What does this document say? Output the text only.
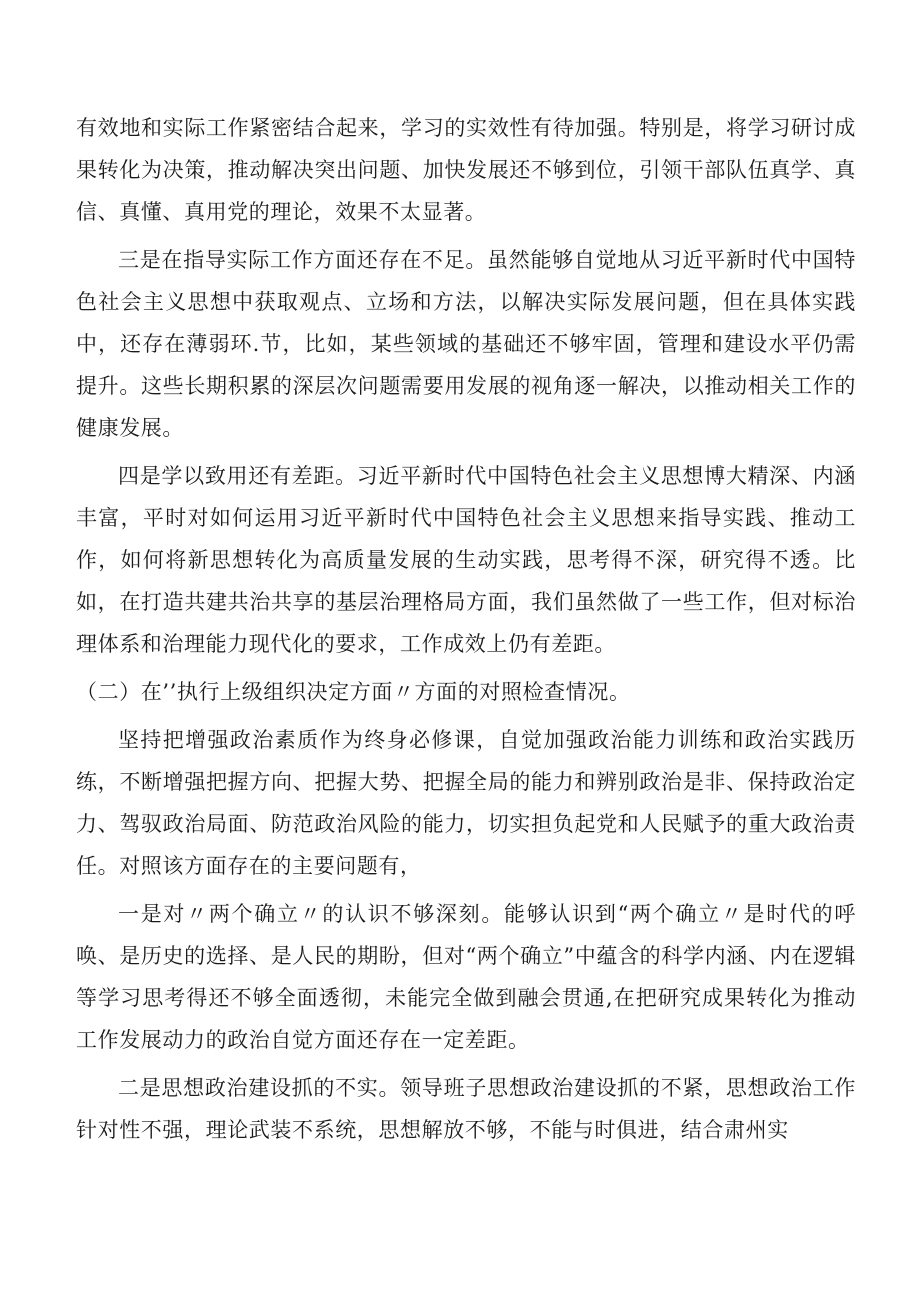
有效地和实际工作紧密结合起来，学习的实效性有待加强。特别是，将学习研讨成果转化为决策，推动解决突出问题、加快发展还不够到位，引领干部队伍真学、真信、真懂、真用党的理论，效果不太显著。

三是在指导实际工作方面还存在不足。虽然能够自觉地从习近平新时代中国特色社会主义思想中获取观点、立场和方法，以解决实际发展问题，但在具体实践中，还存在薄弱环.节，比如，某些领域的基础还不够牢固，管理和建设水平仍需提升。这些长期积累的深层次问题需要用发展的视角逐一解决，以推动相关工作的健康发展。

四是学以致用还有差距。习近平新时代中国特色社会主义思想博大精深、内涵丰富，平时对如何运用习近平新时代中国特色社会主义思想来指导实践、推动工作，如何将新思想转化为高质量发展的生动实践，思考得不深，研究得不透。比如，在打造共建共治共享的基层治理格局方面，我们虽然做了一些工作，但对标治理体系和治理能力现代化的要求，工作成效上仍有差距。

（二）在’’执行上级组织决定方面〃方面的对照检查情况。

坚持把增强政治素质作为终身必修课，自觉加强政治能力训练和政治实践历练，不断增强把握方向、把握大势、把握全局的能力和辨别政治是非、保持政治定力、驾驭政治局面、防范政治风险的能力，切实担负起党和人民赋予的重大政治责任。对照该方面存在的主要问题有，

一是对〃两个确立〃的认识不够深刻。能够认识到“两个确立〃是时代的呼唤、是历史的选择、是人民的期盼，但对“两个确立”中蕴含的科学内涵、内在逻辑等学习思考得还不够全面透彻，未能完全做到融会贯通,在把研究成果转化为推动工作发展动力的政治自觉方面还存在一定差距。

二是思想政治建设抓的不实。领导班子思想政治建设抓的不紧，思想政治工作针对性不强，理论武装不系统，思想解放不够，不能与时俱进，结合肃州实
